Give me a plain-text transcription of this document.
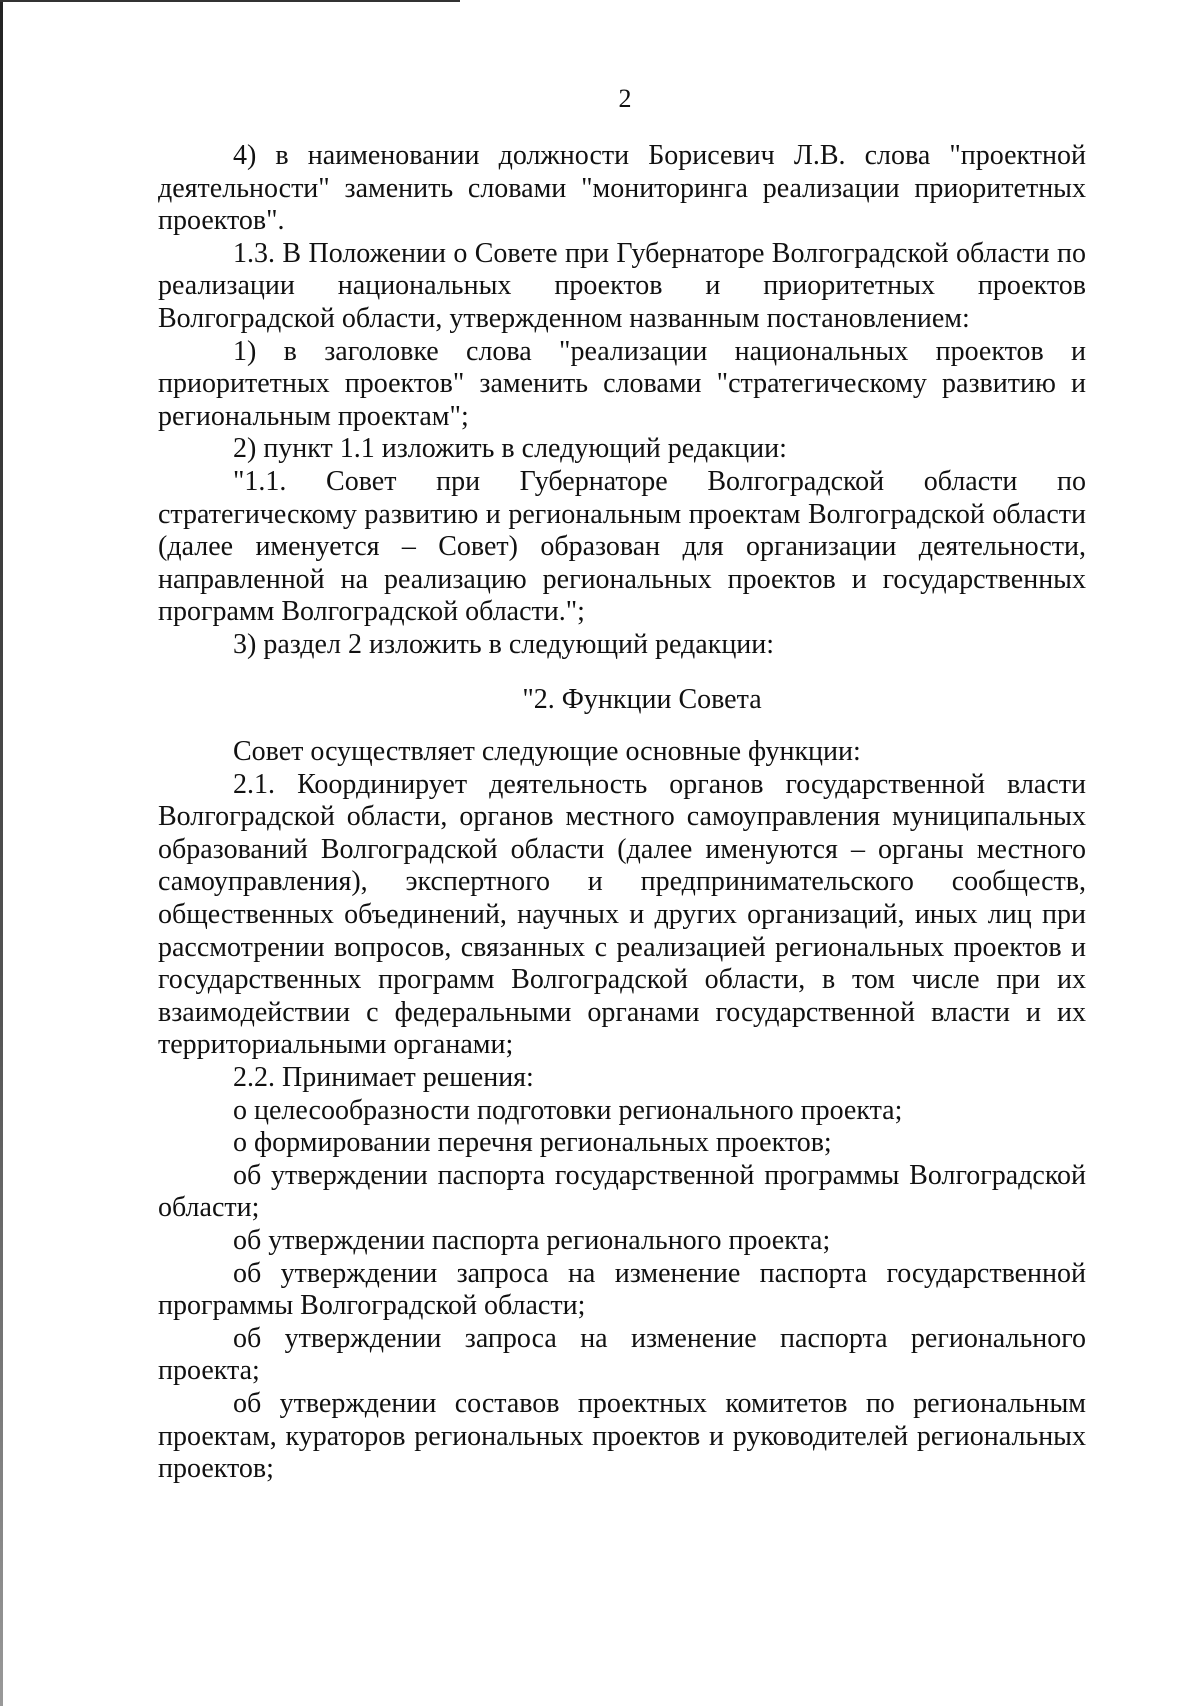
2

4) в наименовании должности Борисевич Л.В. слова "проектной деятельности" заменить словами "мониторинга реализации приоритетных проектов".

1.3. В Положении о Совете при Губернаторе Волгоградской области по реализации национальных проектов и приоритетных проектов Волгоградской области, утвержденном названным постановлением:

1) в заголовке слова "реализации национальных проектов и приоритетных проектов" заменить словами "стратегическому развитию и региональным проектам";

2) пункт 1.1 изложить в следующий редакции:

"1.1. Совет при Губернаторе Волгоградской области по стратегическому развитию и региональным проектам Волгоградской области (далее именуется – Совет) образован для организации деятельности, направленной на реализацию региональных проектов и государственных программ Волгоградской области.";

3) раздел 2 изложить в следующий редакции:

"2. Функции Совета

Совет осуществляет следующие основные функции:

2.1. Координирует деятельность органов государственной власти Волгоградской области, органов местного самоуправления муниципальных образований Волгоградской области (далее именуются – органы местного самоуправления), экспертного и предпринимательского сообществ, общественных объединений, научных и других организаций, иных лиц при рассмотрении вопросов, связанных с реализацией региональных проектов и государственных программ Волгоградской области, в том числе при их взаимодействии с федеральными органами государственной власти и их территориальными органами;

2.2. Принимает решения:

о целесообразности подготовки регионального проекта;

о формировании перечня региональных проектов;

об утверждении паспорта государственной программы Волгоградской области;

об утверждении паспорта регионального проекта;

об утверждении запроса на изменение паспорта государственной программы Волгоградской области;

об утверждении запроса на изменение паспорта регионального проекта;

об утверждении составов проектных комитетов по региональным проектам, кураторов региональных проектов и руководителей региональных проектов;
